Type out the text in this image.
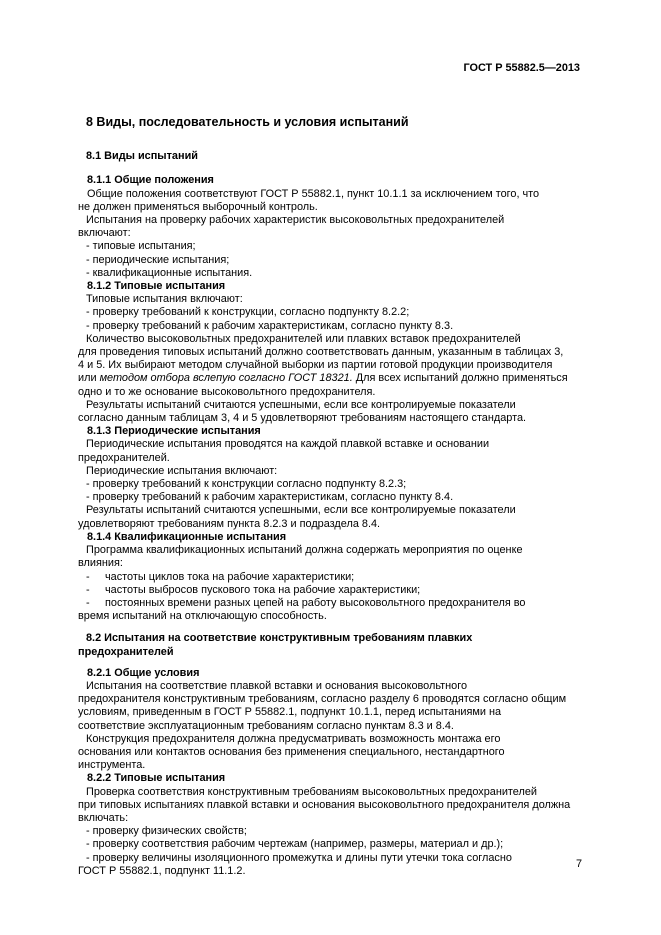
ГОСТ Р 55882.5—2013
8 Виды, последовательность и условия испытаний
8.1 Виды испытаний
8.1.1 Общие положения

Общие положения соответствуют ГОСТ Р 55882.1, пункт 10.1.1 за исключением того, что

не должен применяться выборочный контроль.

Испытания на проверку рабочих характеристик высоковольтных предохранителей

включают:

- типовые испытания;

- периодические испытания;

- квалификационные испытания.

8.1.2 Типовые испытания

Типовые испытания включают:

- проверку требований к конструкции, согласно подпункту 8.2.2;

- проверку требований к рабочим характеристикам, согласно пункту 8.3.

Количество высоковольтных предохранителей или плавких вставок предохранителей

для проведения типовых испытаний должно соответствовать данным, указанным в таблицах 3,

4 и 5. Их выбирают методом случайной выборки из партии готовой продукции производителя

или методом отбора вслепую согласно ГОСТ 18321. Для всех испытаний должно применяться

одно и то же основание высоковольтного предохранителя.

Результаты испытаний считаются успешными, если все контролируемые показатели

согласно данным таблицам 3, 4 и 5 удовлетворяют требованиям настоящего стандарта.

8.1.3 Периодические испытания

Периодические испытания проводятся на каждой плавкой вставке и основании

предохранителей.

Периодические испытания включают:

- проверку требований к конструкции согласно подпункту 8.2.3;

- проверку требований к рабочим характеристикам, согласно пункту 8.4.

Результаты испытаний считаются успешными, если все контролируемые показатели

удовлетворяют требованиям пункта 8.2.3 и подраздела 8.4.

8.1.4 Квалификационные испытания

Программа квалификационных испытаний должна содержать мероприятия по оценке

влияния:

-	частоты циклов тока на рабочие характеристики;
-	частоты выбросов пускового тока на рабочие характеристики;
-	постоянных времени разных цепей на работу высоковольтного предохранителя во

время испытаний на отключающую способность.

8.2 Испытания на соответствие конструктивным требованиям плавких
предохранителей
8.2.1 Общие условия

Испытания на соответствие плавкой вставки и основания высоковольтного

предохранителя конструктивным требованиям, согласно разделу 6 проводятся согласно общим

условиям, приведенным в ГОСТ Р 55882.1, подпункт 10.1.1, перед испытаниями на

соответствие эксплуатационным требованиям согласно пунктам 8.3 и 8.4.

Конструкция предохранителя должна предусматривать возможность монтажа его

основания или контактов основания без применения специального, нестандартного

инструмента.

8.2.2 Типовые испытания

Проверка соответствия конструктивным требованиям высоковольтных предохранителей

при типовых испытаниях плавкой вставки и основания высоковольтного предохранителя должна

включать:

- проверку физических свойств;

- проверку соответствия рабочим чертежам (например, размеры, материал и др.);

- проверку величины изоляционного промежутка и длины пути утечки тока согласно

ГОСТ Р 55882.1, подпункт 11.1.2.

7
